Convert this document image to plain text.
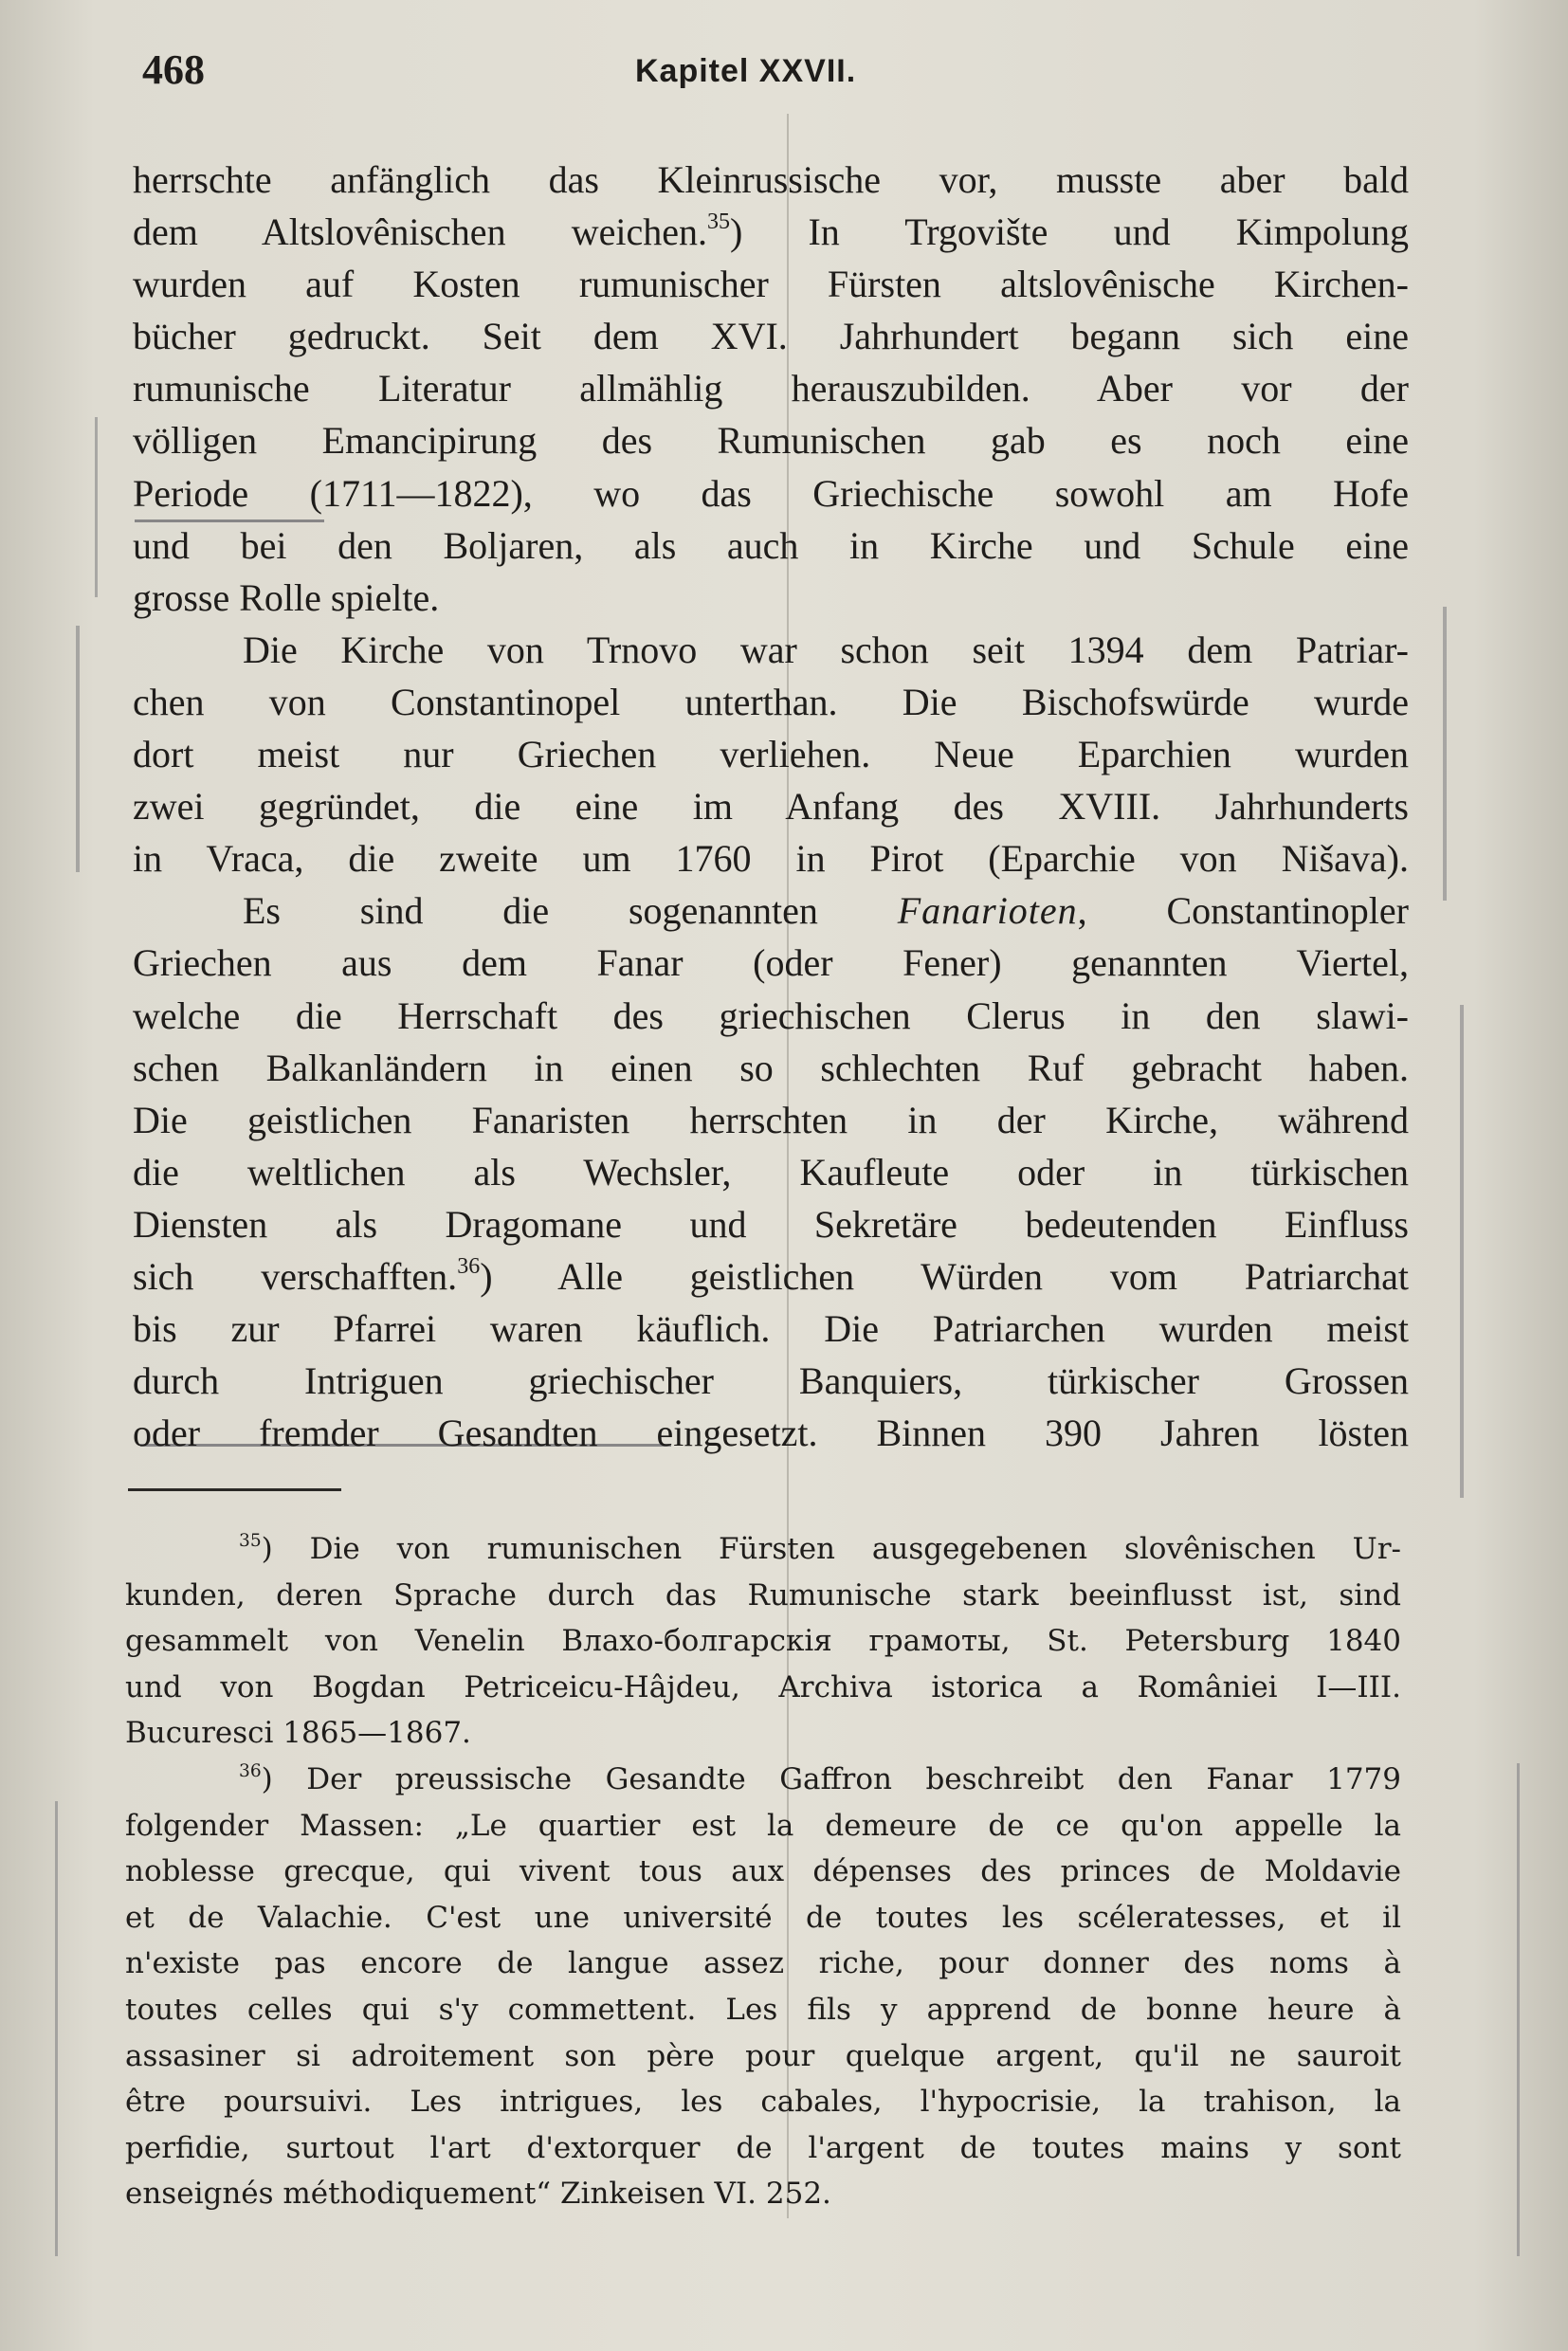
468	Kapitel XXVII.
herrschte anfänglich das Kleinrussische vor, musste aber bald
dem Altslovênischen weichen.$^{35}$) In Trgovište und Kimpolung
wurden auf Kosten rumunischer Fürsten altslovênische Kirchen-
bücher gedruckt. Seit dem XVI. Jahrhundert begann sich eine
rumunische Literatur allmählig herauszubilden. Aber vor der
völligen Emancipirung des Rumunischen gab es noch eine
Periode (1711—1822), wo das Griechische sowohl am Hofe
und bei den Boljaren, als auch in Kirche und Schule eine
grosse Rolle spielte.
Die Kirche von Trnovo war schon seit 1394 dem Patriar-
chen von Constantinopel unterthan. Die Bischofswürde wurde
dort meist nur Griechen verliehen. Neue Eparchien wurden
zwei gegründet, die eine im Anfang des XVIII. Jahrhunderts
in Vraca, die zweite um 1760 in Pirot (Eparchie von Nišava).
Es sind die sogenannten Fanarioten, Constantinopler
Griechen aus dem Fanar (oder Fener) genannten Viertel,
welche die Herrschaft des griechischen Clerus in den slawi-
schen Balkanländern in einen so schlechten Ruf gebracht haben.
Die geistlichen Fanaristen herrschten in der Kirche, während
die weltlichen als Wechsler, Kaufleute oder in türkischen
Diensten als Dragomane und Sekretäre bedeutenden Einfluss
sich verschafften.$^{36}$) Alle geistlichen Würden vom Patriarchat
bis zur Pfarrei waren käuflich. Die Patriarchen wurden meist
durch Intriguen griechischer Banquiers, türkischer Grossen
oder fremder Gesandten eingesetzt. Binnen 390 Jahren lösten
$^{35}$) Die von rumunischen Fürsten ausgegebenen slovênischen Ur-
kunden, deren Sprache durch das Rumunische stark beeinflusst ist, sind
gesammelt von Venelin Влахо-болгарскія грамоты, St. Petersburg 1840
und von Bogdan Petriceicu-Hâjdeu, Archiva istorica a României I—III.
Bucuresci 1865—1867.
$^{36}$) Der preussische Gesandte Gaffron beschreibt den Fanar 1779
folgender Massen: „Le quartier est la demeure de ce qu'on appelle la
noblesse grecque, qui vivent tous aux dépenses des princes de Moldavie
et de Valachie. C'est une université de toutes les scéleratesses, et il
n'existe pas encore de langue assez riche, pour donner des noms à
toutes celles qui s'y commettent. Les fils y apprend de bonne heure à
assasiner si adroitement son père pour quelque argent, qu'il ne sauroit
être poursuivi. Les intrigues, les cabales, l'hypocrisie, la trahison, la
perfidie, surtout l'art d'extorquer de l'argent de toutes mains y sont
enseignés méthodiquement“ Zinkeisen VI. 252.
